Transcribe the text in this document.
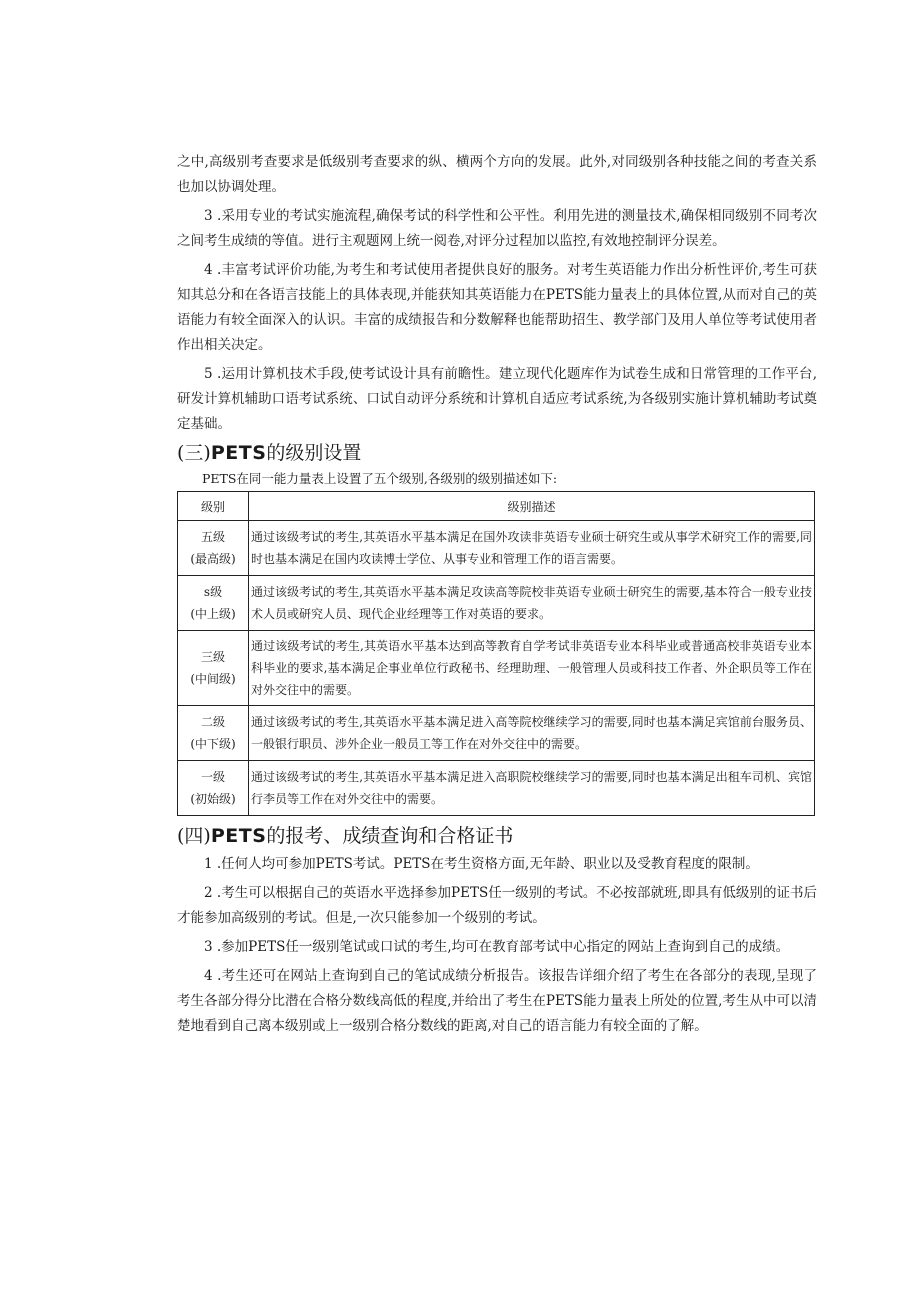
之中,高级别考查要求是低级别考查要求的纵、横两个方向的发展。此外,对同级别各种技能之间的考查关系也加以协调处理。

3 .采用专业的考试实施流程,确保考试的科学性和公平性。利用先进的测量技术,确保相同级别不同考次之间考生成绩的等值。进行主观题网上统一阅卷,对评分过程加以监控,有效地控制评分误差。

4 .丰富考试评价功能,为考生和考试使用者提供良好的服务。对考生英语能力作出分析性评价,考生可获知其总分和在各语言技能上的具体表现,并能获知其英语能力在PETS能力量表上的具体位置,从而对自己的英语能力有较全面深入的认识。丰富的成绩报告和分数解释也能帮助招生、教学部门及用人单位等考试使用者作出相关决定。

5 .运用计算机技术手段,使考试设计具有前瞻性。建立现代化题库作为试卷生成和日常管理的工作平台,研发计算机辅助口语考试系统、口试自动评分系统和计算机自适应考试系统,为各级别实施计算机辅助考试奠定基础。

(三)PETS的级别设置

PETS在同一能力量表上设置了五个级别,各级别的级别描述如下:

级别	级别描述
五级
(最高级)	通过该级考试的考生,其英语水平基本满足在国外攻读非英语专业硕士研究生或从事学术研究工作的需要,同时也基本满足在国内攻读博士学位、从事专业和管理工作的语言需要。
s级
(中上级)	通过该级考试的考生,其英语水平基本满足攻读高等院校非英语专业硕士研究生的需要,基本符合一般专业技术人员或研究人员、现代企业经理等工作对英语的要求。
三级
(中间级)	通过该级考试的考生,其英语水平基本达到高等教育自学考试非英语专业本科毕业或普通高校非英语专业本科毕业的要求,基本满足企事业单位行政秘书、经理助理、一般管理人员或科技工作者、外企职员等工作在对外交往中的需要。
二级
(中下级)	通过该级考试的考生,其英语水平基本满足进入高等院校继续学习的需要,同时也基本满足宾馆前台服务员、一般银行职员、涉外企业一般员工等工作在对外交往中的需要。
一级
(初始级)	通过该级考试的考生,其英语水平基本满足进入高职院校继续学习的需要,同时也基本满足出租车司机、宾馆行李员等工作在对外交往中的需要。
(四)PETS的报考、成绩查询和合格证书

1 .任何人均可参加PETS考试。PETS在考生资格方面,无年龄、职业以及受教育程度的限制。

2 .考生可以根据自己的英语水平选择参加PETS任一级别的考试。不必按部就班,即具有低级别的证书后才能参加高级别的考试。但是,一次只能参加一个级别的考试。

3 .参加PETS任一级别笔试或口试的考生,均可在教育部考试中心指定的网站上查询到自己的成绩。

4 .考生还可在网站上查询到自己的笔试成绩分析报告。该报告详细介绍了考生在各部分的表现,呈现了考生各部分得分比潜在合格分数线高低的程度,并给出了考生在PETS能力量表上所处的位置,考生从中可以清楚地看到自己离本级别或上一级别合格分数线的距离,对自己的语言能力有较全面的了解。
